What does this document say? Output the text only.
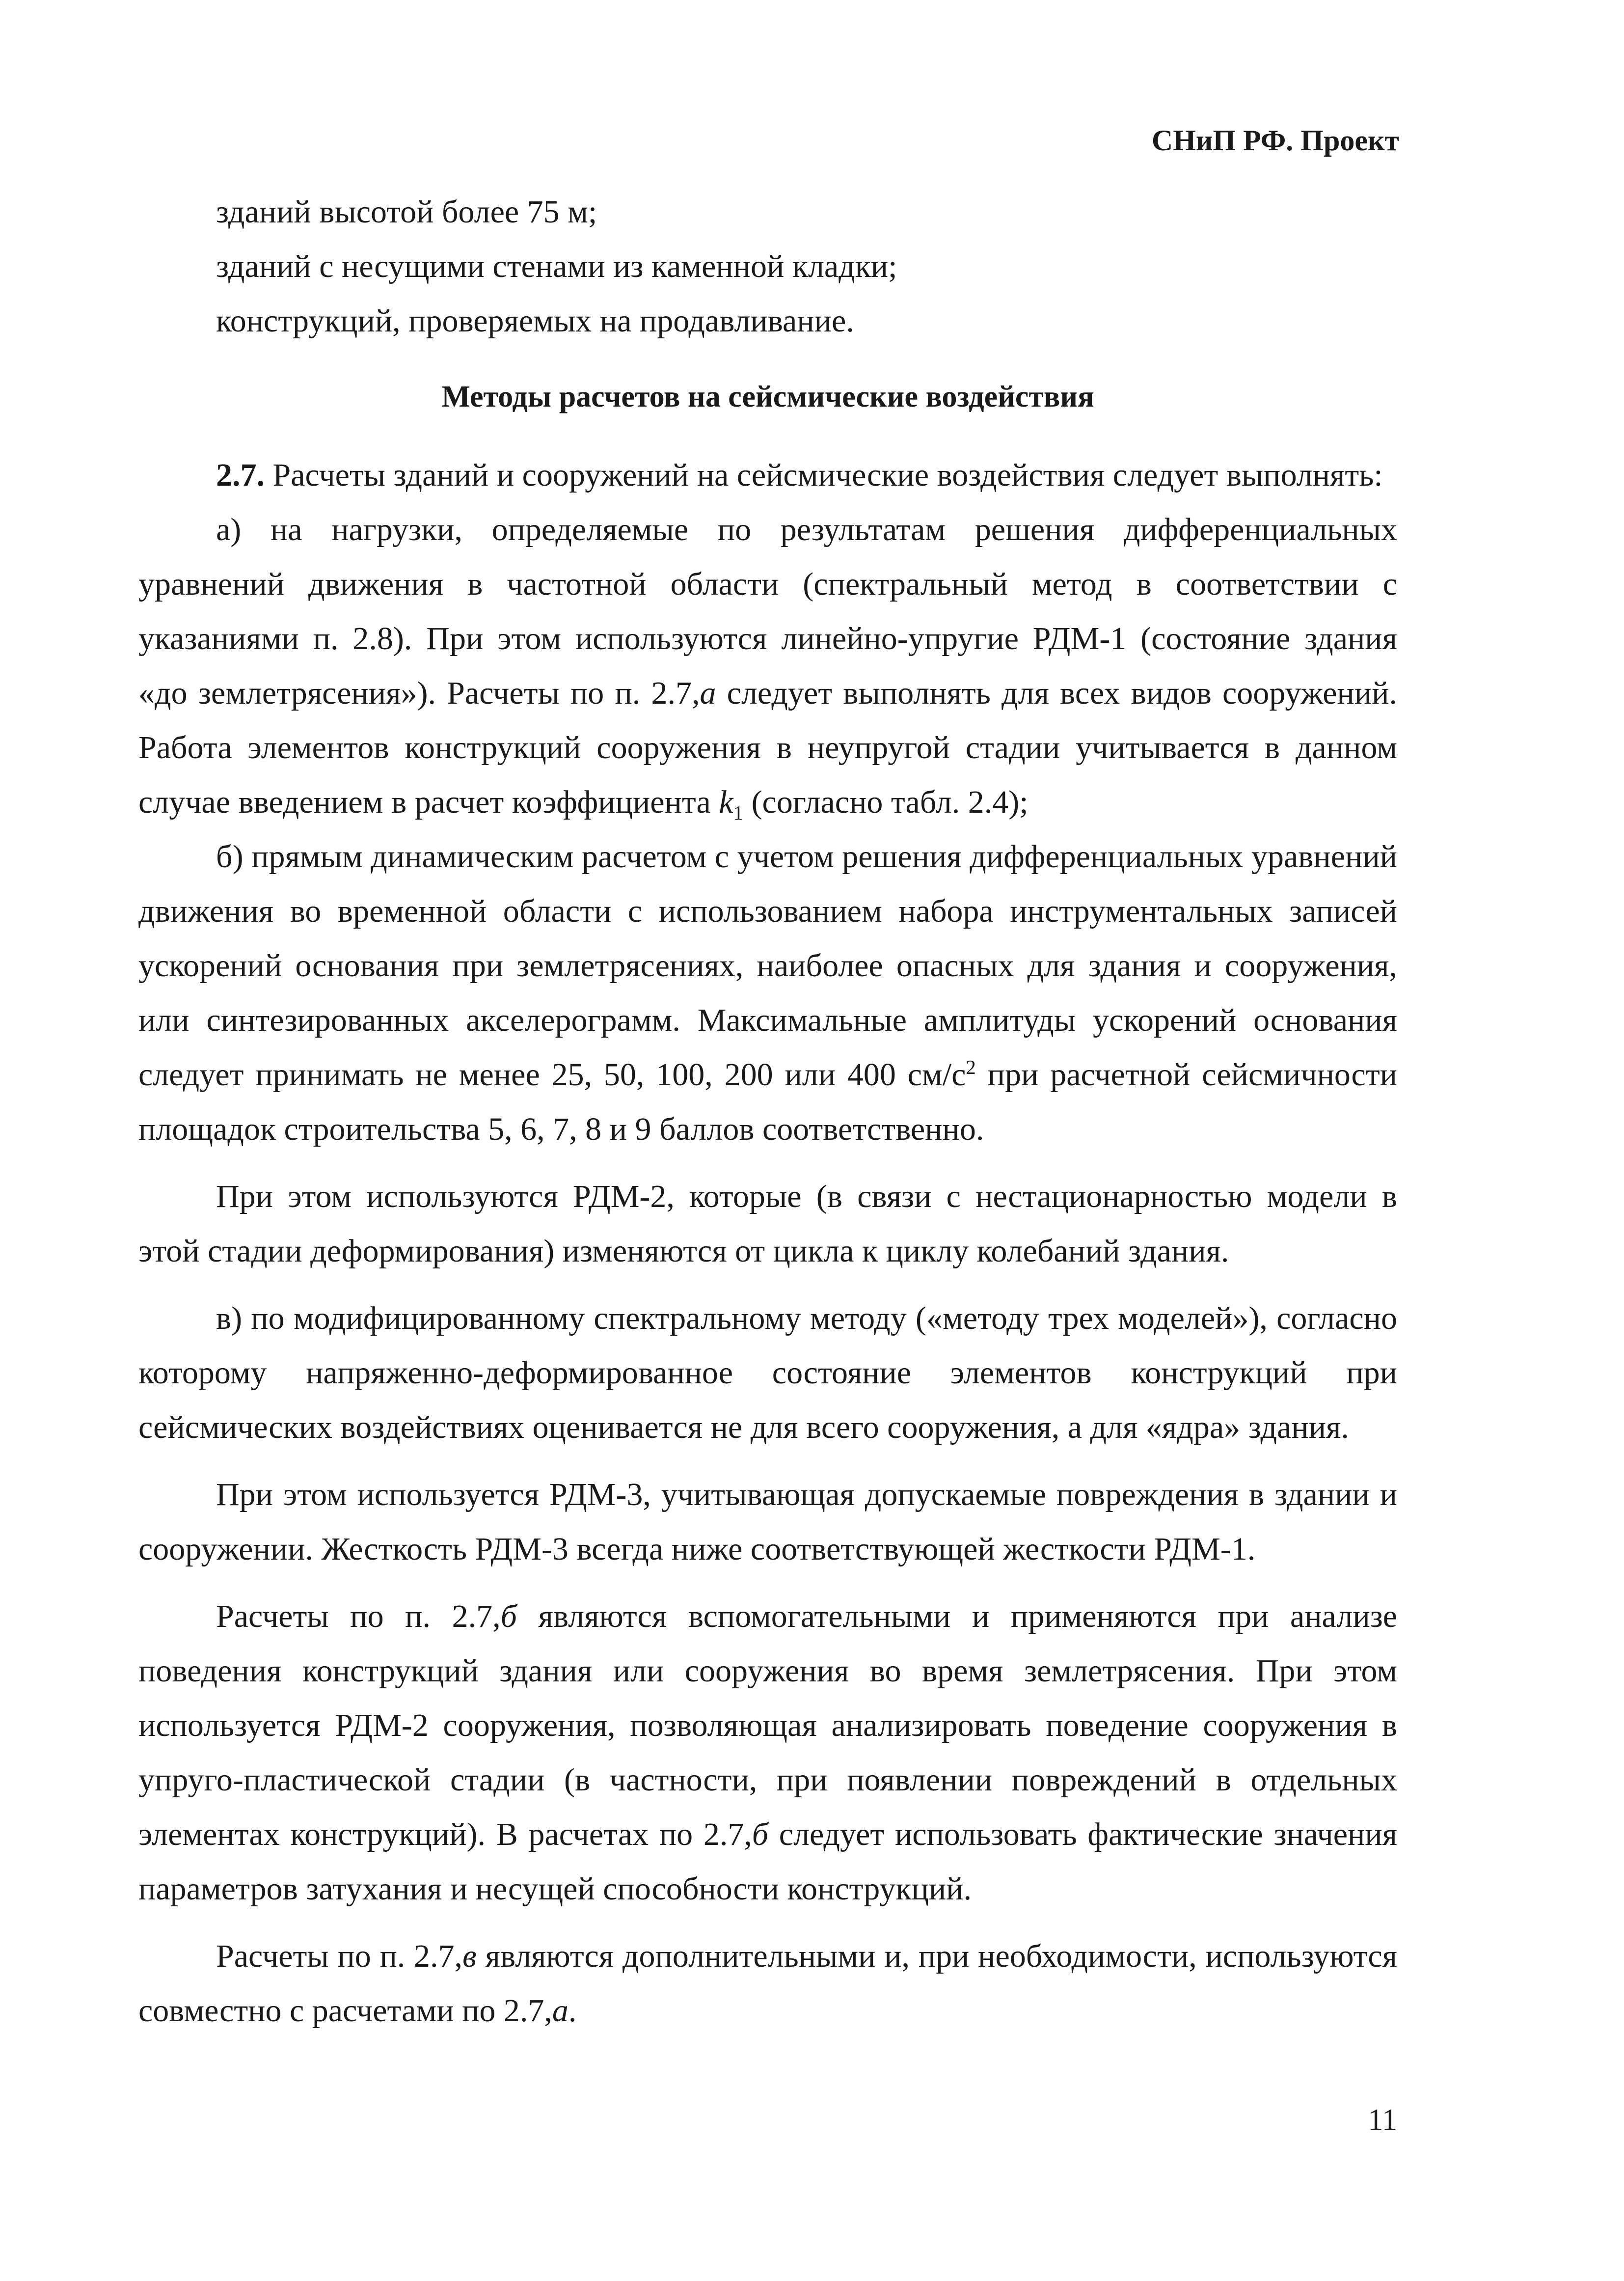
СНиП РФ. Проект

зданий высотой более 75 м;

зданий с несущими стенами из каменной кладки;

конструкций, проверяемых на продавливание.

Методы расчетов на сейсмические воздействия

2.7. Расчеты зданий и сооружений на сейсмические воздействия следует выполнять:

а) на нагрузки, определяемые по результатам решения дифференциальных уравнений движения в частотной области (спектральный метод в соответствии с указаниями п. 2.8). При этом используются линейно-упругие РДМ-1 (состояние здания «до землетрясения»). Расчеты по п. 2.7,а следует выполнять для всех видов сооружений. Работа элементов конструкций сооружения в неупругой стадии учитывается в данном случае введением в расчет коэффициента $k_1$ (согласно табл. 2.4);

б) прямым динамическим расчетом с учетом решения дифференциальных уравнений движения во временной области с использованием набора инструментальных записей ускорений основания при землетрясениях, наиболее опасных для здания и сооружения, или синтезированных акселерограмм. Максимальные амплитуды ускорений основания следует принимать не менее 25, 50, 100, 200 или 400 $см/с^2$ при расчетной сейсмичности площадок строительства 5, 6, 7, 8 и 9 баллов соответственно.

При этом используются РДМ-2, которые (в связи с нестационарностью модели в этой стадии деформирования) изменяются от цикла к циклу колебаний здания.

в) по модифицированному спектральному методу («методу трех моделей»), согласно которому напряженно-деформированное состояние элементов конструкций при сейсмических воздействиях оценивается не для всего сооружения, а для «ядра» здания.

При этом используется РДМ-3, учитывающая допускаемые повреждения в здании и сооружении. Жесткость РДМ-3 всегда ниже соответствующей жесткости РДМ-1.

Расчеты по п. 2.7,б являются вспомогательными и применяются при анализе поведения конструкций здания или сооружения во время землетрясения. При этом используется РДМ-2 сооружения, позволяющая анализировать поведение сооружения в упруго-пластической стадии (в частности, при появлении повреждений в отдельных элементах конструкций). В расчетах по 2.7,б следует использовать фактические значения параметров затухания и несущей способности конструкций.

Расчеты по п. 2.7,в являются дополнительными и, при необходимости, используются совместно с расчетами по 2.7,а.

11
